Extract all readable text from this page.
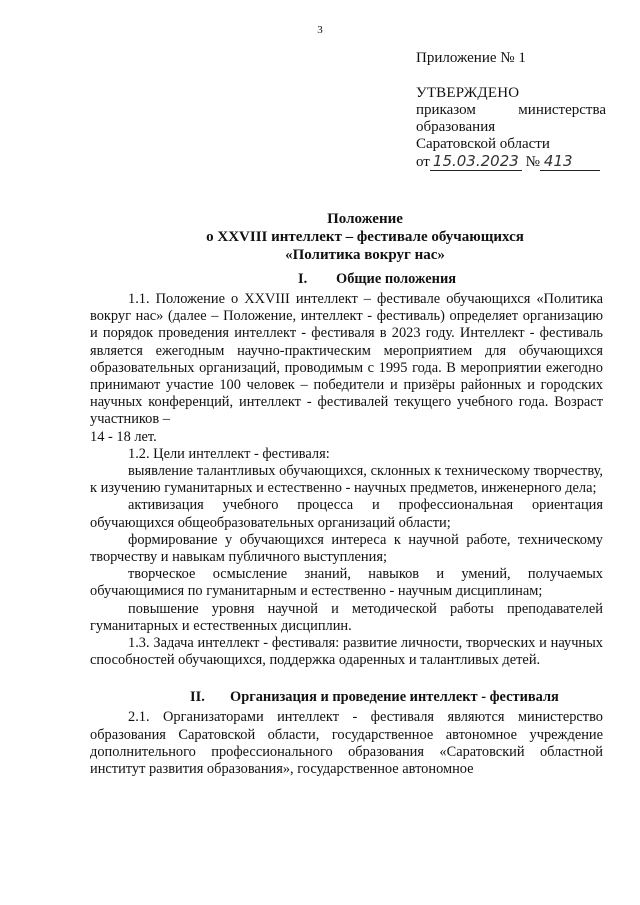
3
Приложение № 1
УТВЕРЖДЕНО
приказом	министерства
образования
Саратовской области
от 15.03.2023 № 413
Положение
о XXVIII интеллект – фестивале обучающихся
«Политика вокруг нас»
I. Общие положения

1.1. Положение о XXVIII интеллект – фестивале обучающихся «Политика вокруг нас» (далее – Положение, интеллект - фестиваль) определяет организацию и порядок проведения интеллект - фестиваля в 2023 году. Интеллект - фестиваль является ежегодным научно-практическим мероприятием для обучающихся образовательных организаций, проводимым с 1995 года. В мероприятии ежегодно принимают участие 100 человек – победители и призёры районных и городских научных конференций, интеллект - фестивалей текущего учебного года. Возраст участников –

14 - 18 лет.

1.2. Цели интеллект - фестиваля:

выявление талантливых обучающихся, склонных к техническому творчеству, к изучению гуманитарных и естественно - научных предметов, инженерного дела;

активизация учебного процесса и профессиональная ориентация обучающихся общеобразовательных организаций области;

формирование у обучающихся интереса к научной работе, техническому творчеству и навыкам публичного выступления;

творческое осмысление знаний, навыков и умений, получаемых обучающимися по гуманитарным и естественно - научным дисциплинам;

повышение уровня научной и методической работы преподавателей гуманитарных и естественных дисциплин.

1.3. Задача интеллект - фестиваля: развитие личности, творческих и научных способностей обучающихся, поддержка одаренных и талантливых детей.

II. Организация и проведение интеллект - фестиваля

2.1. Организаторами интеллект - фестиваля являются министерство образования Саратовской области, государственное автономное учреждение дополнительного профессионального образования «Саратовский областной институт развития образования», государственное автономное
